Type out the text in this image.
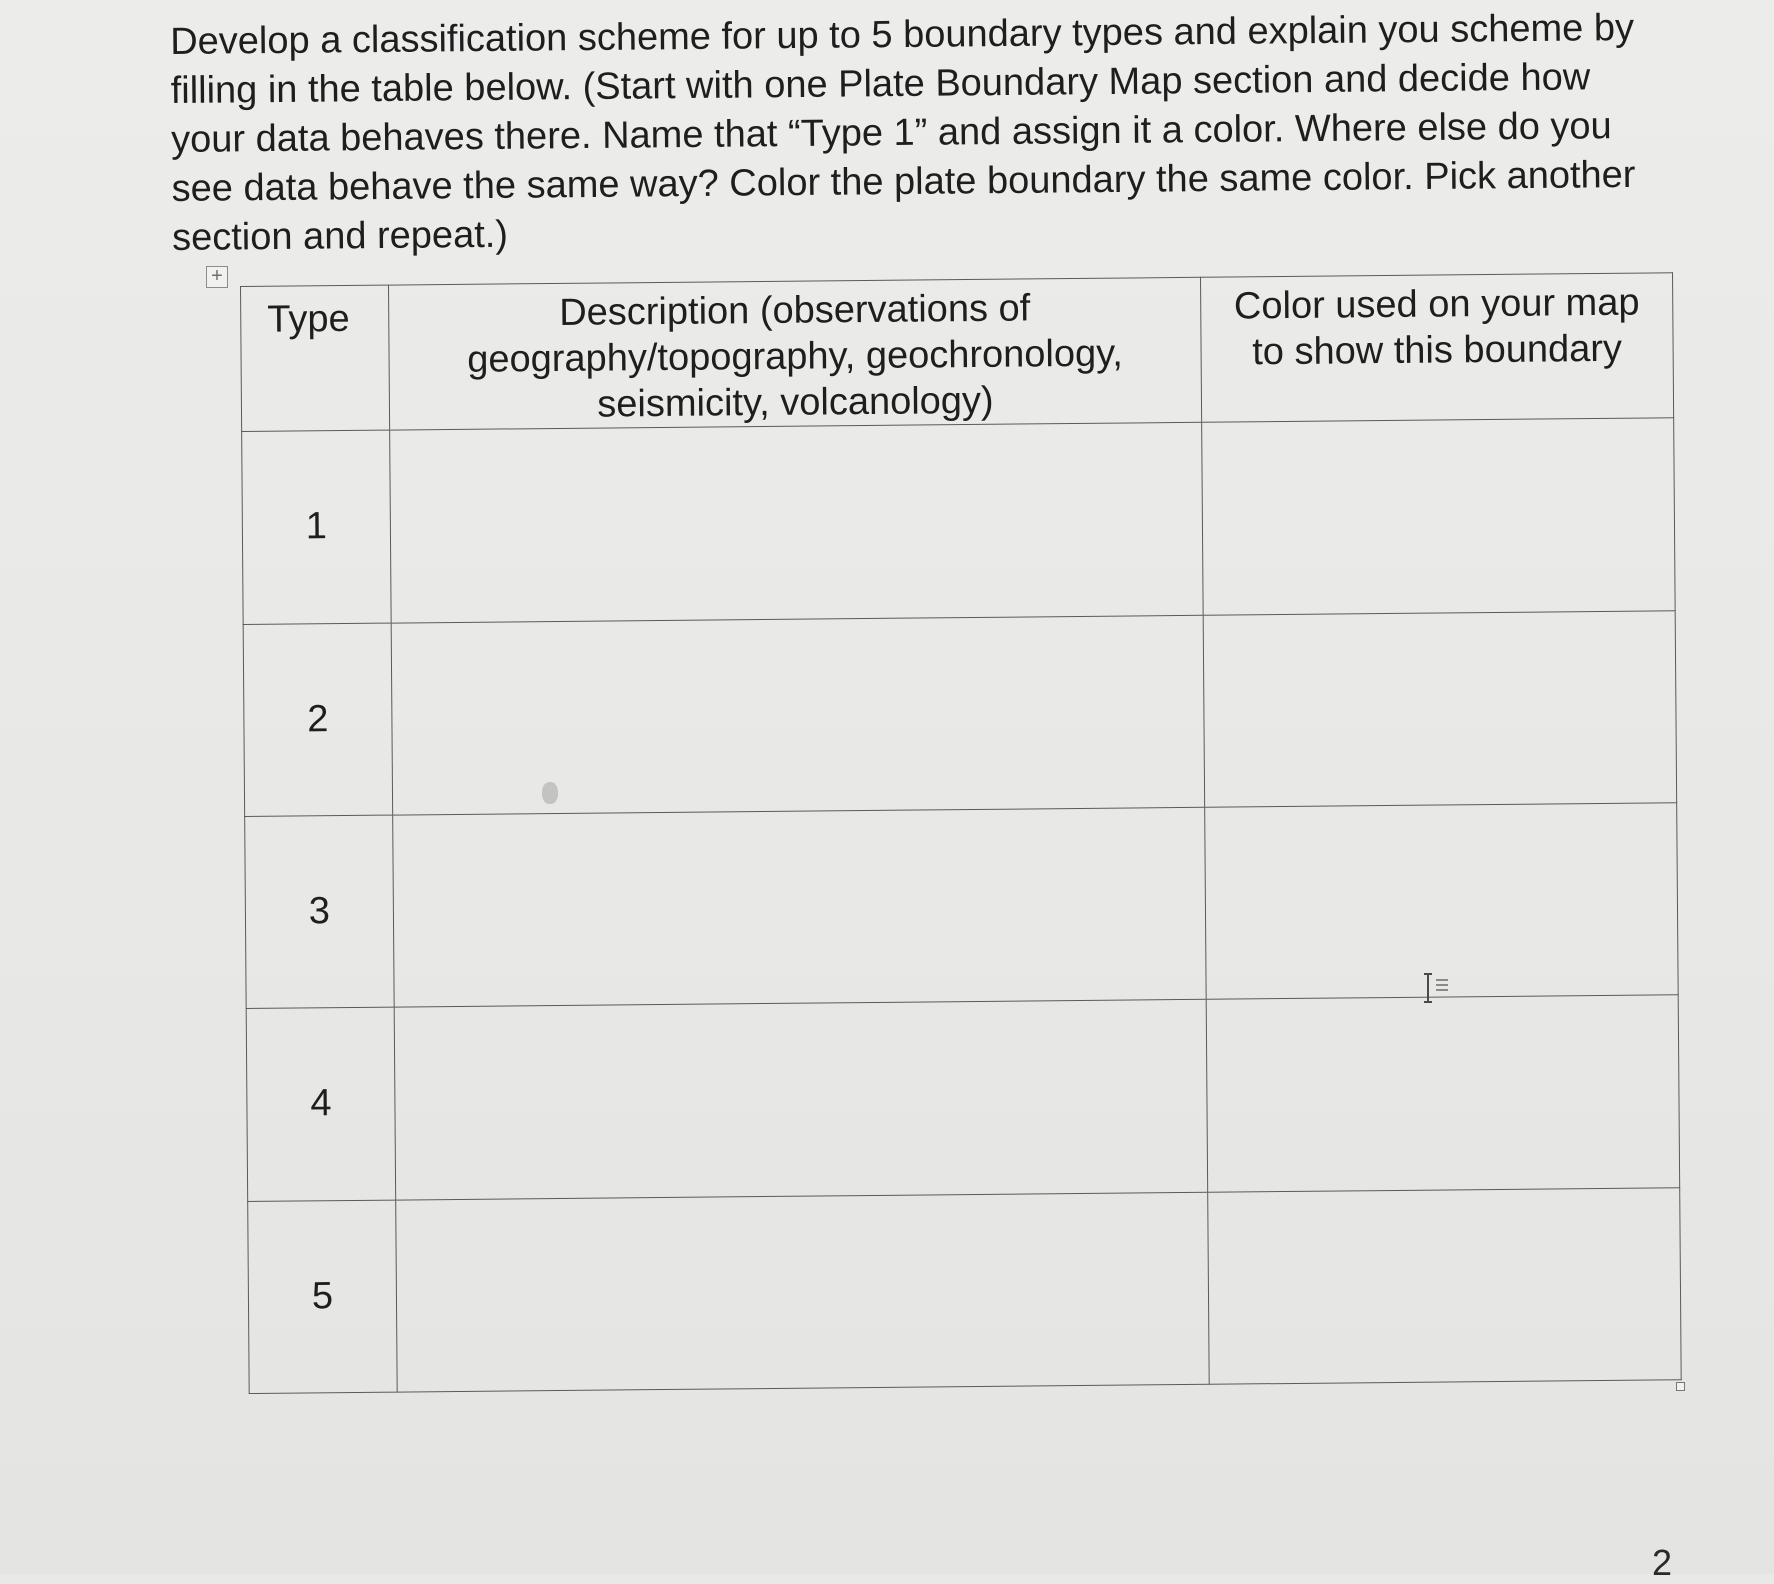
Develop a classification scheme for up to 5 boundary types and explain you scheme by
filling in the table below. (Start with one Plate Boundary Map section and decide how
your data behaves there. Name that “Type 1” and assign it a color. Where else do you
see data behave the same way? Color the plate boundary the same color. Pick another
section and repeat.)

+
Type	Description (observations of
geography/topography, geochronology,
seismicity, volcanology)	Color used on your map
to show this boundary

1		
2		
3		
4		
5		
2
